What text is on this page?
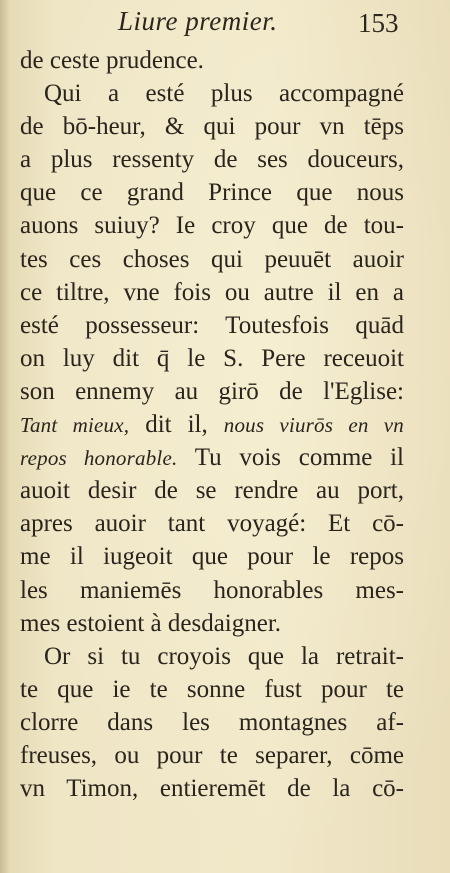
Liure premier.	153
de ceste prudence.
Qui a esté plus accompagné
de bō-heur, & qui pour vn tēps
a plus ressenty de ses douceurs,
que ce grand Prince que nous
auons suiuy? Ie croy que de tou-
tes ces choses qui peuuēt auoir
ce tiltre, vne fois ou autre il en a
esté possesseur: Toutesfois quād
on luy dit q̄ le S. Pere receuoit
son ennemy au girō de l'Eglise:
Tant mieux, dit il, nous viurōs en vn
repos honorable. Tu vois comme il
auoit desir de se rendre au port,
apres auoir tant voyagé: Et cō-
me il iugeoit que pour le repos
les maniemēs honorables mes-
mes estoient à desdaigner.
Or si tu croyois que la retrait-
te que ie te sonne fust pour te
clorre dans les montagnes af-
freuses, ou pour te separer, cōme
vn Timon, entieremēt de la cō-
